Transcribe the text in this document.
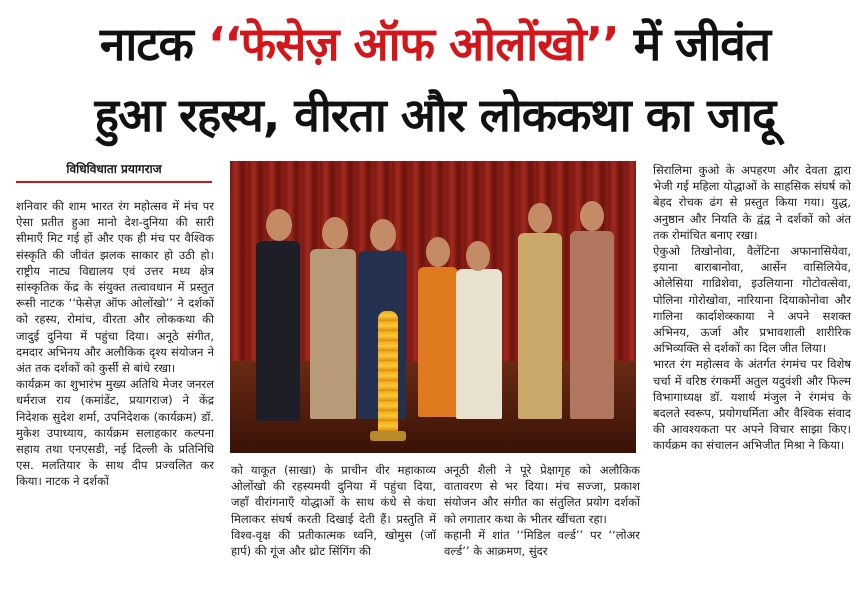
नाटक ‘‘फेसेज़ ऑफ ओलोंखो’’ में जीवंत
हुआ रहस्य, वीरता और लोककथा का जादू
विधिविधाता प्रयागराज

शनिवार की शाम भारत रंग महोत्सव में मंच पर ऐसा प्रतीत हुआ मानो देश-दुनिया की सारी सीमाएँ मिट गई हों और एक ही मंच पर वैश्विक संस्कृति की जीवंत झलक साकार हो उठी हो। राष्ट्रीय नाट्य विद्यालय एवं उत्तर मध्य क्षेत्र सांस्कृतिक केंद्र के संयुक्त तत्वावधान में प्रस्तुत रूसी नाटक ‘‘फेसेज़ ऑफ ओलोंखो’’ ने दर्शकों को रहस्य, रोमांच, वीरता और लोककथा की जादुई दुनिया में पहुंचा दिया। अनूठे संगीत, दमदार अभिनय और अलौकिक दृश्य संयोजन ने अंत तक दर्शकों को कुर्सी से बांधे रखा।

कार्यक्रम का शुभारंभ मुख्य अतिथि मेजर जनरल धर्मराज राय (कमांडेंट, प्रयागराज) ने केंद्र निदेशक सुदेश शर्मा, उपनिदेशक (कार्यक्रम) डॉ. मुकेश उपाध्याय, कार्यक्रम सलाहकार कल्पना सहाय तथा एनएसडी, नई दिल्ली के प्रतिनिधि एस. मलतियार के साथ दीप प्रज्वलित कर किया। नाटक ने दर्शकों

को याकूत (साखा) के प्राचीन वीर महाकाव्य ओलोंखो की रहस्यमयी दुनिया में पहुंचा दिया, जहाँ वीरांगनाएँ योद्धाओं के साथ कंधे से कंधा मिलाकर संघर्ष करती दिखाई देती हैं। प्रस्तुति में विश्व-वृक्ष की प्रतीकात्मक ध्वनि, खोमुस (जॉ हार्प) की गूंज और थ्रोट सिंगिंग की

अनूठी शैली ने पूरे प्रेक्षागृह को अलौकिक वातावरण से भर दिया। मंच सज्जा, प्रकाश संयोजन और संगीत का संतुलित प्रयोग दर्शकों को लगातार कथा के भीतर खींचता रहा।

कहानी में शांत ‘‘मिडिल वर्ल्ड’’ पर ‘‘लोअर वर्ल्ड’’ के आक्रमण, सुंदर

सिरालिमा कुओ के अपहरण और देवता द्वारा भेजी गई महिला योद्धाओं के साहसिक संघर्ष को बेहद रोचक ढंग से प्रस्तुत किया गया। युद्ध, अनुष्ठान और नियति के द्वंद्व ने दर्शकों को अंत तक रोमांचित बनाए रखा।

ऐकुओ तिखोनोवा, वैलेंटिना अफानासियेवा, इयाना बाराबानोवा, आर्सेन वासिलियेव, ओलेसिया गाव्रिशेवा, इउलियाना गोटोवत्सेवा, पोलिना गोरोखोवा, नारियाना दियाकोनोवा और गालिना कार्दाशेव्स्काया ने अपने सशक्त अभिनय, ऊर्जा और प्रभावशाली शारीरिक अभिव्यक्ति से दर्शकों का दिल जीत लिया।

भारत रंग महोत्सव के अंतर्गत रंगमंच पर विशेष चर्चा में वरिष्ठ रंगकर्मी अतुल यदुवंशी और फिल्म विभागाध्यक्ष डॉ. यशार्थ मंजुल ने रंगमंच के बदलते स्वरूप, प्रयोगधर्मिता और वैश्विक संवाद की आवश्यकता पर अपने विचार साझा किए। कार्यक्रम का संचालन अभिजीत मिश्रा ने किया।
